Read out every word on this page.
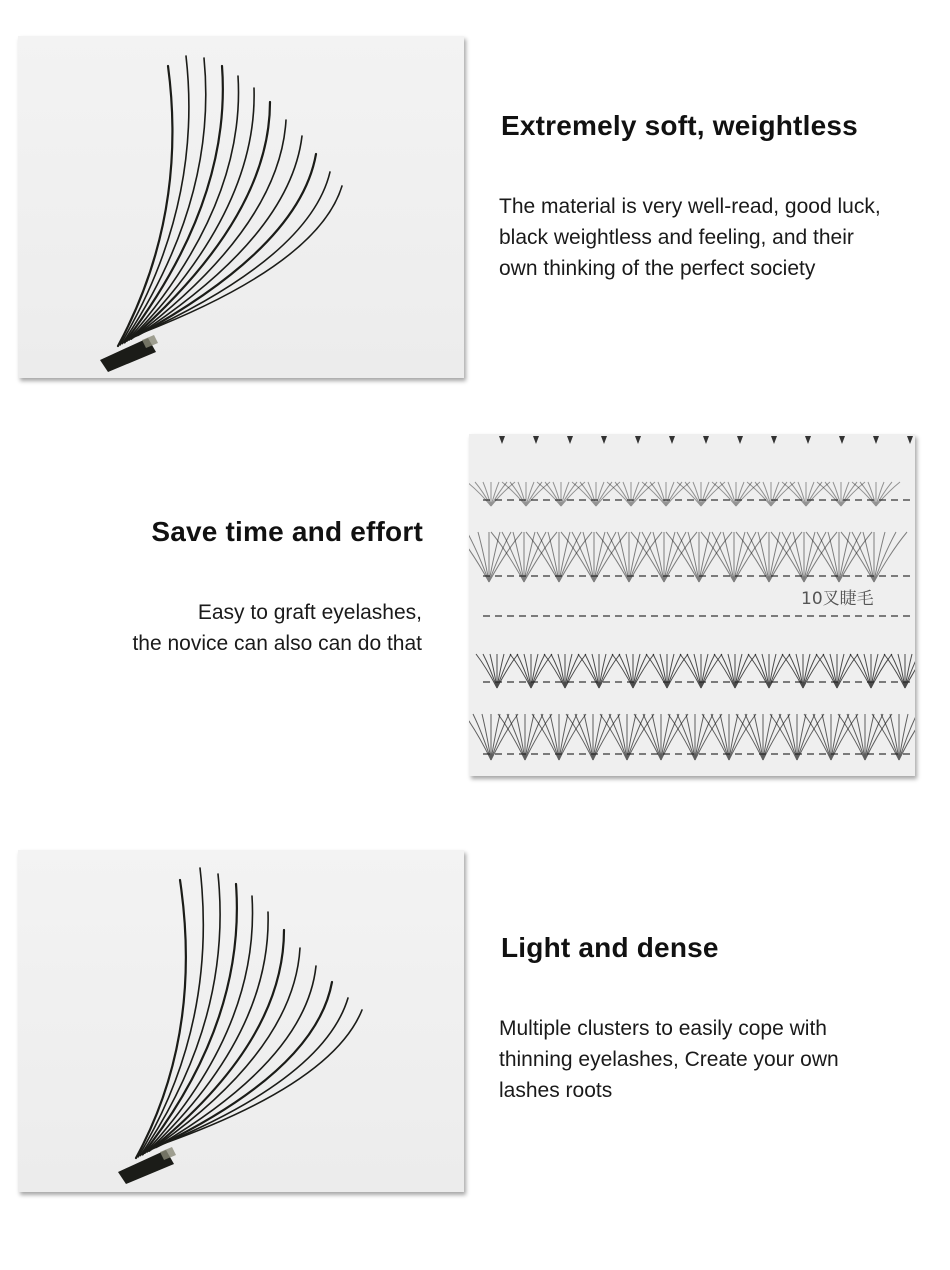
Extremely soft, weightless
The material is very well-read, good luck,
black weightless and feeling, and their
own thinking of the perfect society
Save time and effort
Easy to graft eyelashes,
the novice can also can do that
10叉睫毛
Light and dense
Multiple clusters to easily cope with
thinning eyelashes, Create your own
lashes roots
